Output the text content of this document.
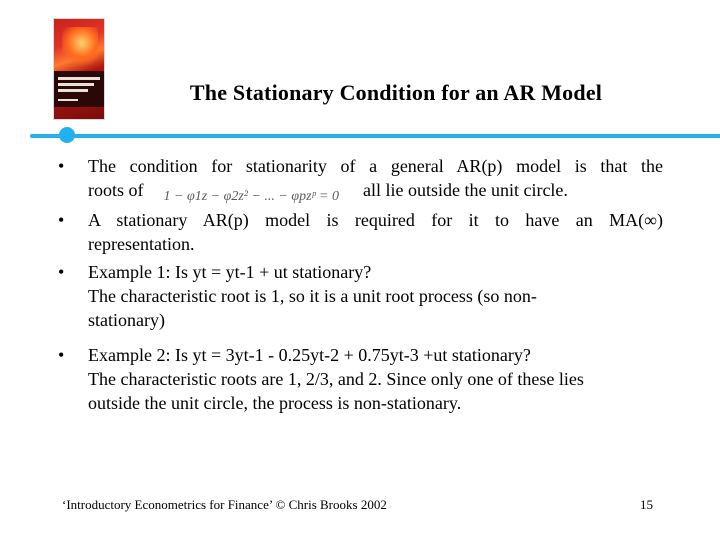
The Stationary Condition for an AR Model
•	The condition for stationarity of a general AR(p) model is that the
roots of 1 − φ1z − φ2z² − ... − φpzᵖ = 0 all lie outside the unit circle.
•	A stationary AR(p) model is required for it to have an MA(∞)
representation.
•	Example 1: Is yt = yt-1 + ut stationary?
The characteristic root is 1, so it is a unit root process (so non-
stationary)
•	Example 2: Is yt = 3yt-1 - 0.25yt-2 + 0.75yt-3 +ut stationary?
The characteristic roots are 1, 2/3, and 2. Since only one of these lies
outside the unit circle, the process is non-stationary.
‘Introductory Econometrics for Finance’ © Chris Brooks 2002	15
